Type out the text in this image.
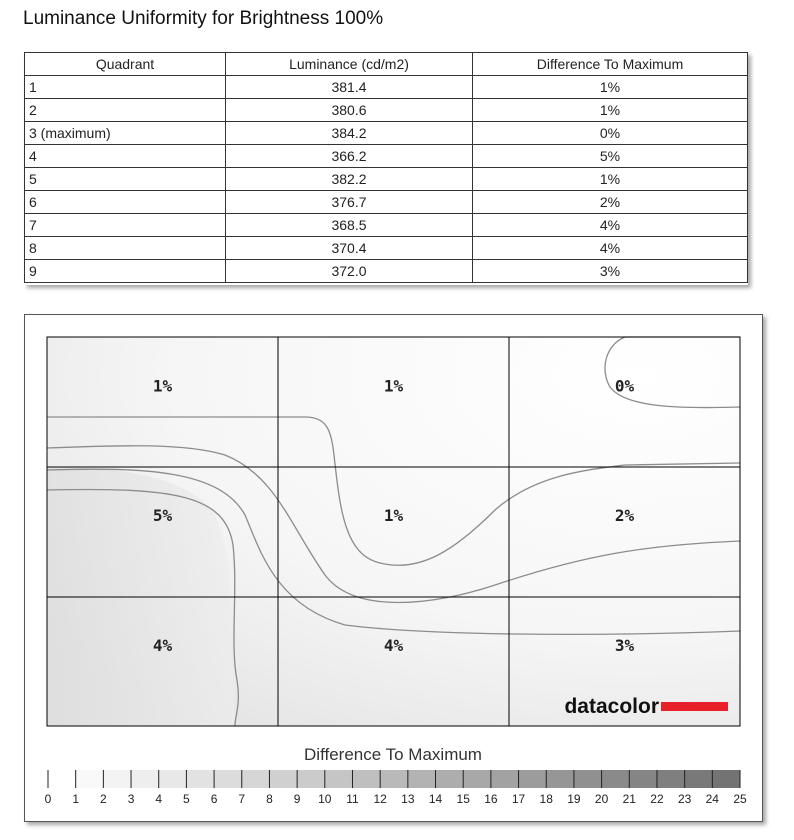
Luminance Uniformity for Brightness 100%
Quadrant	Luminance (cd/m2)	Difference To Maximum
1	381.4	1%
2	380.6	1%
3 (maximum)	384.2	0%
4	366.2	5%
5	382.2	1%
6	376.7	2%
7	368.5	4%
8	370.4	4%
9	372.0	3%
1%	1%	0%
5%	1%	2%
4%	4%	3%
datacolor
Difference To Maximum
0 1 2 3 4 5 6 7 8 9 10 11 12 13 14 15 16 17 18 19 20 21 22 23 24 25
